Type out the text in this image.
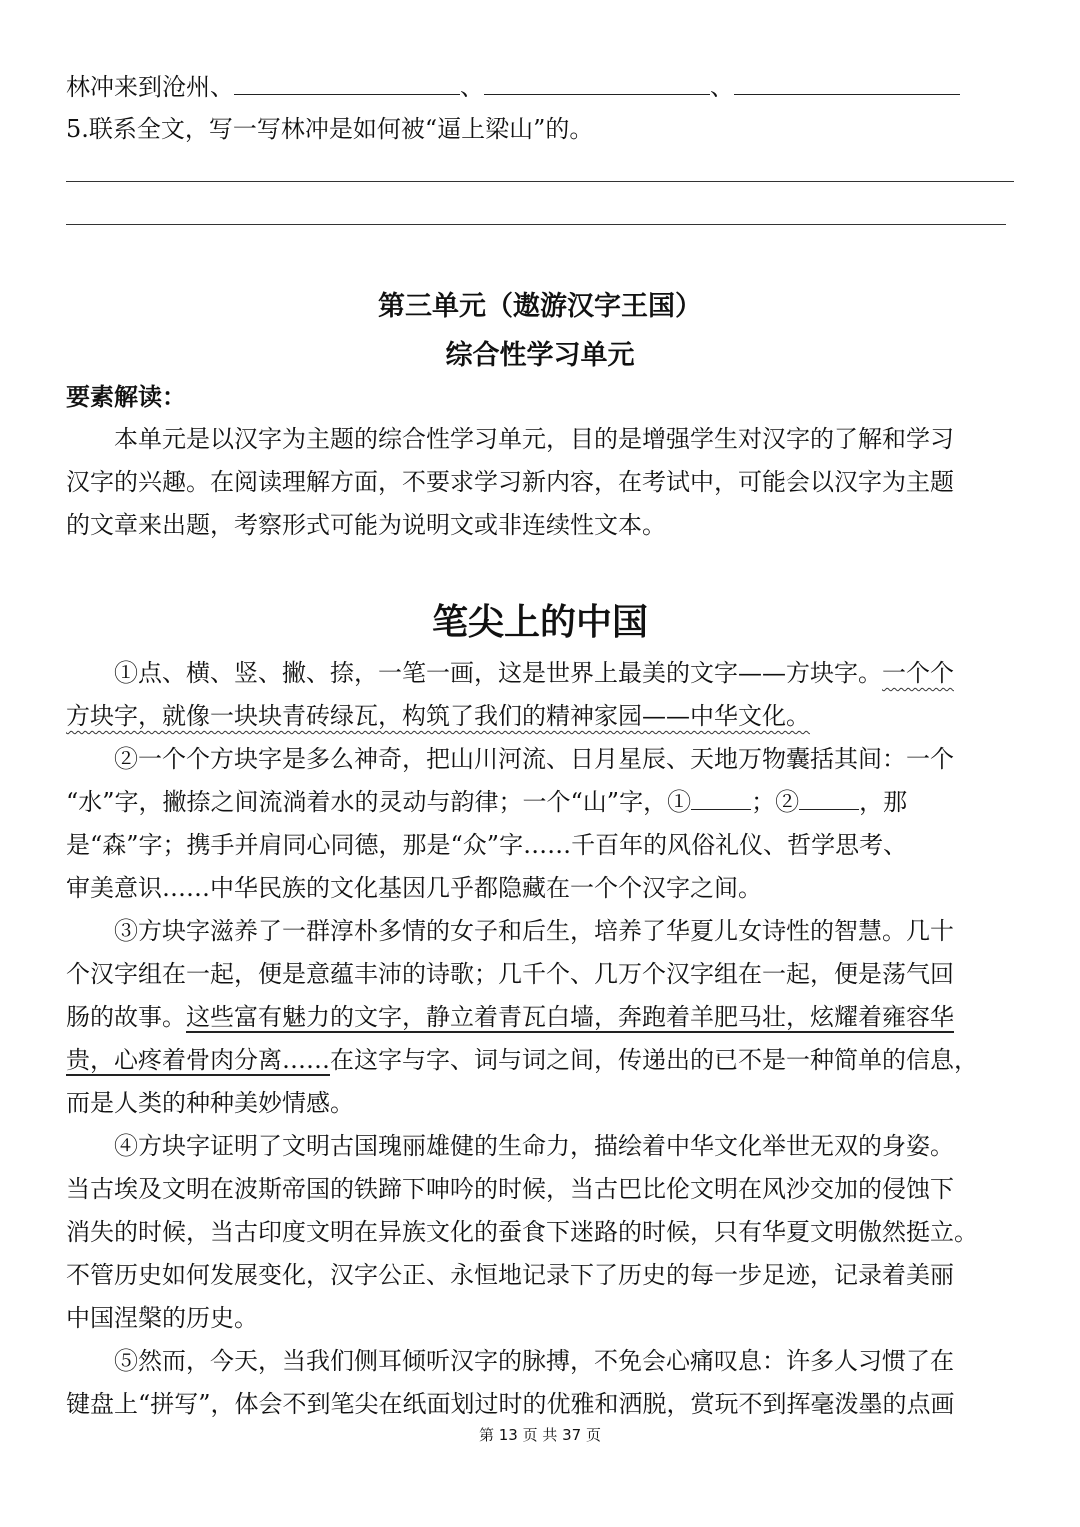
林冲来到沧州、	、	、
5.联系全文，写一写林冲是如何被“逼上梁山”的。
第三单元（遨游汉字王国）
综合性学习单元
要素解读：
　　本单元是以汉字为主题的综合性学习单元，目的是增强学生对汉字的了解和学习
汉字的兴趣。在阅读理解方面，不要求学习新内容，在考试中，可能会以汉字为主题
的文章来出题，考察形式可能为说明文或非连续性文本。
笔尖上的中国
　　①点、横、竖、撇、捺，一笔一画，这是世界上最美的文字——方块字。一个个
方块字，就像一块块青砖绿瓦，构筑了我们的精神家园——中华文化。
　　②一个个方块字是多么神奇，把山川河流、日月星辰、天地万物囊括其间：一个
“水”字，撇捺之间流淌着水的灵动与韵律；一个“山”字，①	；②	，那
是“森”字；携手并肩同心同德，那是“众”字……千百年的风俗礼仪、哲学思考、
审美意识……中华民族的文化基因几乎都隐藏在一个个汉字之间。
　　③方块字滋养了一群淳朴多情的女子和后生，培养了华夏儿女诗性的智慧。几十
个汉字组在一起，便是意蕴丰沛的诗歌；几千个、几万个汉字组在一起，便是荡气回
肠的故事。这些富有魅力的文字，静立着青瓦白墙，奔跑着羊肥马壮，炫耀着雍容华
贵，心疼着骨肉分离……在这字与字、词与词之间，传递出的已不是一种简单的信息，
而是人类的种种美妙情感。
　　④方块字证明了文明古国瑰丽雄健的生命力，描绘着中华文化举世无双的身姿。
当古埃及文明在波斯帝国的铁蹄下呻吟的时候，当古巴比伦文明在风沙交加的侵蚀下
消失的时候，当古印度文明在异族文化的蚕食下迷路的时候，只有华夏文明傲然挺立。
不管历史如何发展变化，汉字公正、永恒地记录下了历史的每一步足迹，记录着美丽
中国涅槃的历史。
　　⑤然而，今天，当我们侧耳倾听汉字的脉搏，不免会心痛叹息：许多人习惯了在
键盘上“拼写”，体会不到笔尖在纸面划过时的优雅和洒脱，赏玩不到挥毫泼墨的点画
第 13 页 共 37 页
